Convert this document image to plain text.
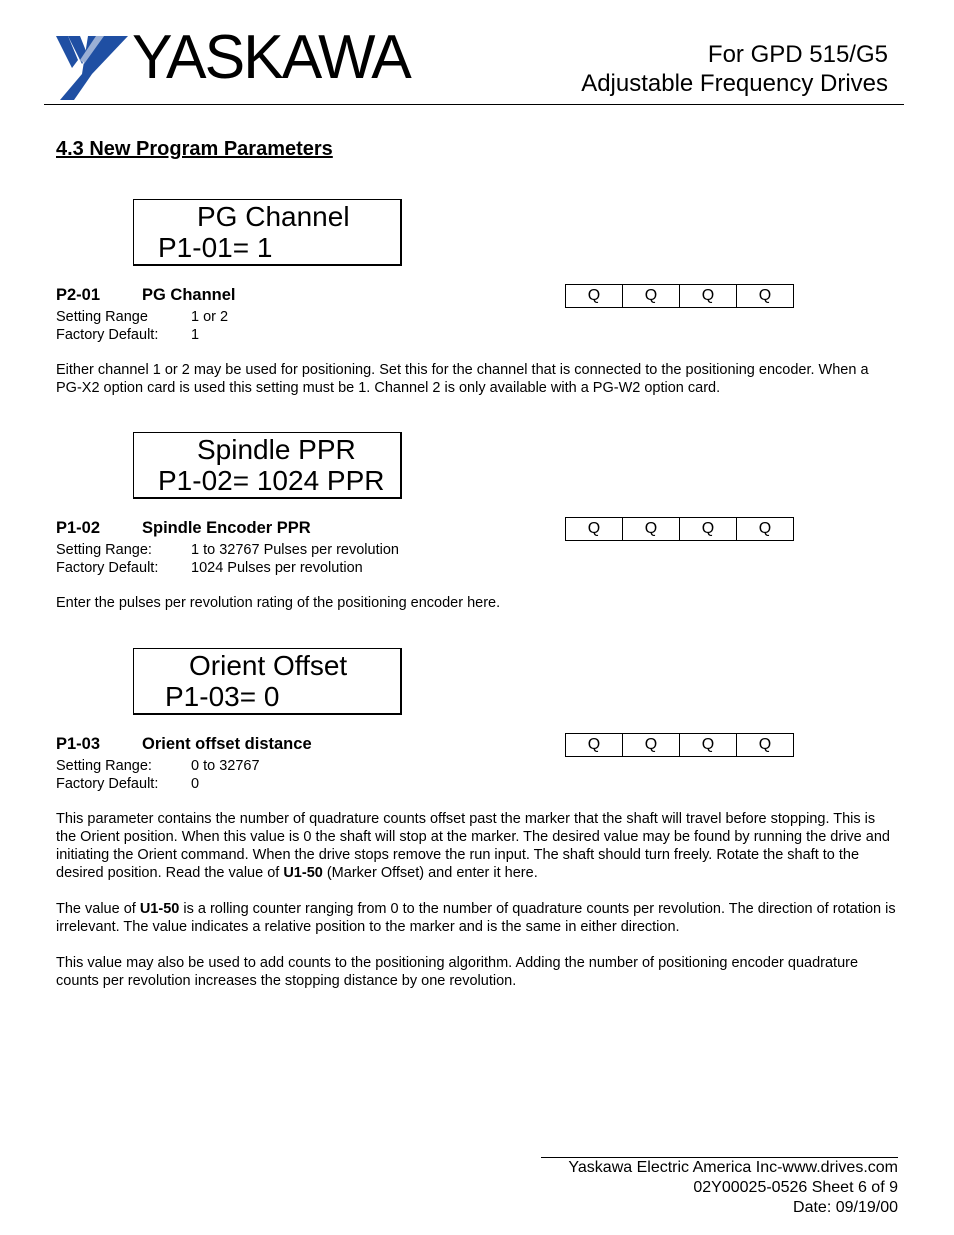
YASKAWA	For GPD 515/G5
Adjustable Frequency Drives
4.3 New Program Parameters
PG Channel
P1-01= 1
P2-01	PG Channel	Q	Q	Q	Q
Setting Range	1 or 2
Factory Default: 1
Either channel 1 or 2 may be used for positioning. Set this for the channel that is connected to the positioning encoder. When a PG-X2 option card is used this setting must be 1. Channel 2 is only available with a PG-W2 option card.
Spindle PPR
P1-02= 1024 PPR
P1-02	Spindle Encoder PPR	Q	Q	Q	Q
Setting Range:	1 to 32767 Pulses per revolution
Factory Default: 1024 Pulses per revolution
Enter the pulses per revolution rating of the positioning encoder here.
Orient Offset
P1-03= 0
P1-03	Orient offset distance	Q	Q	Q	Q
Setting Range:	0 to 32767
Factory Default: 0
This parameter contains the number of quadrature counts offset past the marker that the shaft will travel before stopping. This is the Orient position. When this value is 0 the shaft will stop at the marker. The desired value may be found by running the drive and initiating the Orient command. When the drive stops remove the run input. The shaft should turn freely. Rotate the shaft to the desired position. Read the value of U1-50 (Marker Offset) and enter it here.
The value of U1-50 is a rolling counter ranging from 0 to the number of quadrature counts per revolution. The direction of rotation is irrelevant. The value indicates a relative position to the marker and is the same in either direction.
This value may also be used to add counts to the positioning algorithm. Adding the number of positioning encoder quadrature counts per revolution increases the stopping distance by one revolution.
Yaskawa Electric America Inc-www.drives.com
02Y00025-0526 Sheet 6 of 9
Date: 09/19/00
